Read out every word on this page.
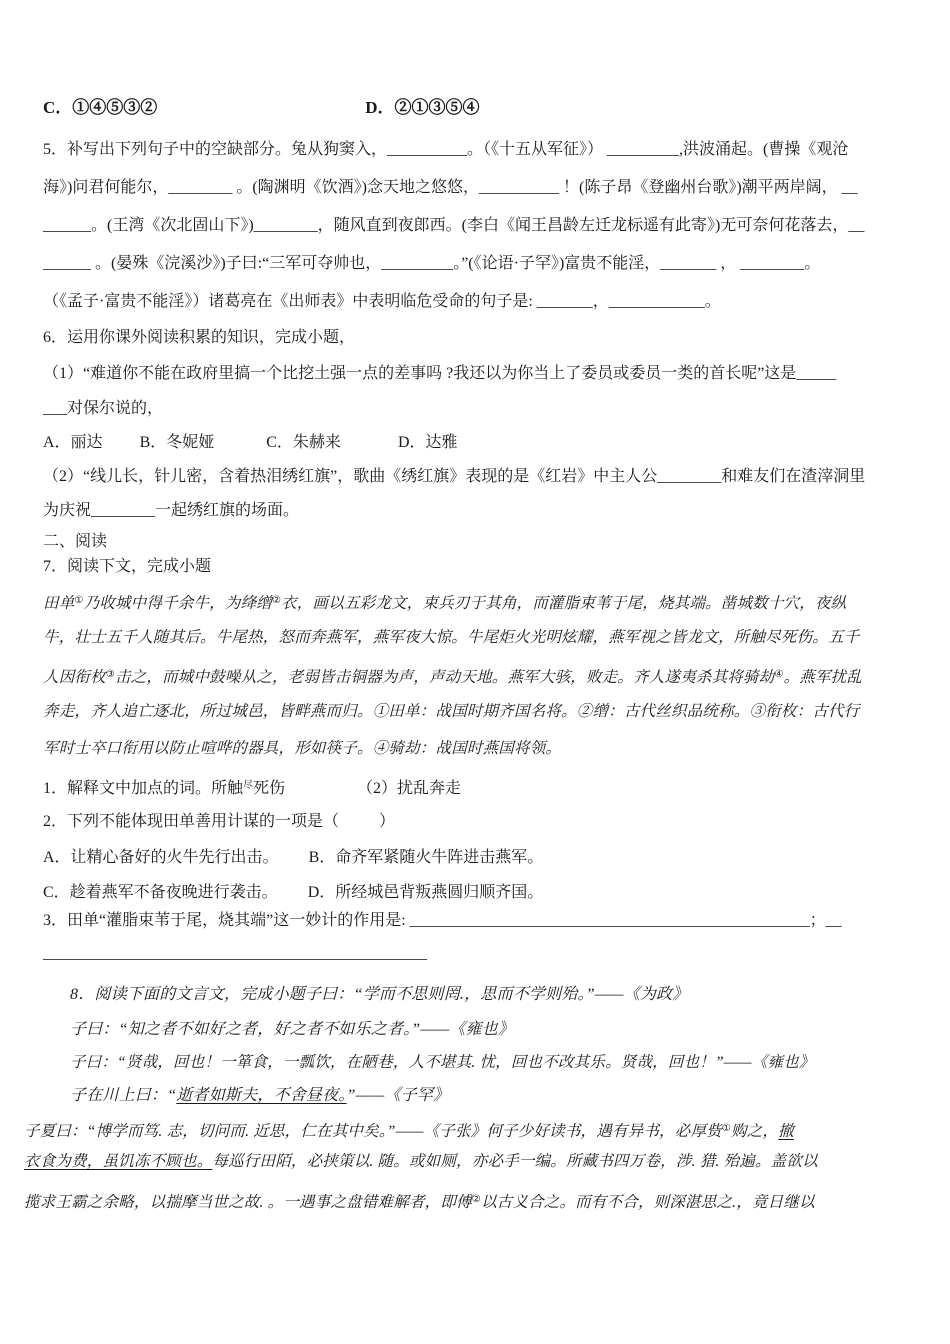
C．①④⑤③②	D．②①③⑤④
5．补写出下列句子中的空缺部分。兔从狗窦入，__________。（《十五从军征》） _________,洪波涌起。(曹操《观沧
海》)问君何能尔，________ 。(陶渊明《饮酒》)念天地之悠悠，__________ ！(陈子昂《登幽州台歌》)潮平两岸阔， __
______。(王湾《次北固山下》)________，随风直到夜郎西。(李白《闻王昌龄左迁龙标遥有此寄》)无可奈何花落去，__
______ 。(晏殊《浣溪沙》)子曰:“三军可夺帅也，_________。”(《论语·子罕》)富贵不能淫，_______ ， ________。
（《孟子·富贵不能淫》）诸葛亮在《出师表》中表明临危受命的句子是: _______，____________。
6．运用你课外阅读积累的知识，完成小题，
（1）“难道你不能在政府里搞一个比挖土强一点的差事吗 ?我还以为你当上了委员或委员一类的首长呢”这是_____
___对保尔说的，
A．丽达 B．冬妮娅	C．朱赫来	D．达雅
（2）“线儿长，针儿密，含着热泪绣红旗”，歌曲《绣红旗》表现的是《红岩》中主人公________和难友们在渣滓洞里
为庆祝________一起绣红旗的场面。
二、阅读
7．阅读下文，完成小题
田单①乃收城中得千余牛，为绛缯②衣，画以五彩龙文，束兵刃于其角，而灌脂束苇于尾，烧其端。凿城数十穴，夜纵
牛，壮士五千人随其后。牛尾热，怒而奔燕军，燕军夜大惊。牛尾炬火光明炫耀，燕军视之皆龙文，所触尽死伤。五千
人因衔枚③击之，而城中鼓噪从之，老弱皆击铜器为声，声动天地。燕军大骇，败走。齐人遂夷杀其将骑劫④。燕军扰乱
奔走，齐人追亡逐北，所过城邑，皆畔燕而归。①田单：战国时期齐国名将。②缯：古代丝织品统称。③衔枚：古代行
军时士卒口衔用以防止喧哗的器具，形如筷子。④骑劫：战国时燕国将领。
1．解释文中加点的词。所触$^尽$死伤　　　　　（2）扰乱奔走
2．下列不能体现田单善用计谋的一项是（          ）
A．让精心备好的火牛先行出击。 B．命齐军紧随火牛阵进击燕军。
C．趁着燕军不备夜晚进行袭击。 D．所经城邑背叛燕圆归顺齐国。
3．田单“灌脂束苇于尾，烧其端”这一妙计的作用是: __________________________________________________；__
________________________________________________
8．阅读下面的文言文，完成小题子曰：“学而不思则罔.，思而不学则殆。”——《为政》
子曰：“知之者不如好之者，好之者不如乐之者。”——《雍也》
子曰：“贤哉，回也！一箪食，一瓢饮，在陋巷，人不堪其. 忧，回也不改其乐。贤哉，回也！”——《雍也》
子在川上曰：“逝者如斯夫，不舍昼夜。”——《子罕》
子夏曰：“博学而笃. 志，切问而. 近思，仁在其中矣。”——《子张》何子少好读书，遇有异书，必厚赀①购之，撤
衣食为费，虽饥冻不顾也。每巡行田陌，必挟策以. 随。或如厕，亦必手一编。所藏书四万卷，涉. 猎. 殆遍。盖欲以
揽求王霸之余略，以揣摩当世之故. 。一遇事之盘错难解者，即傅②以古义合之。而有不合，则深湛思之.，竟日继以
